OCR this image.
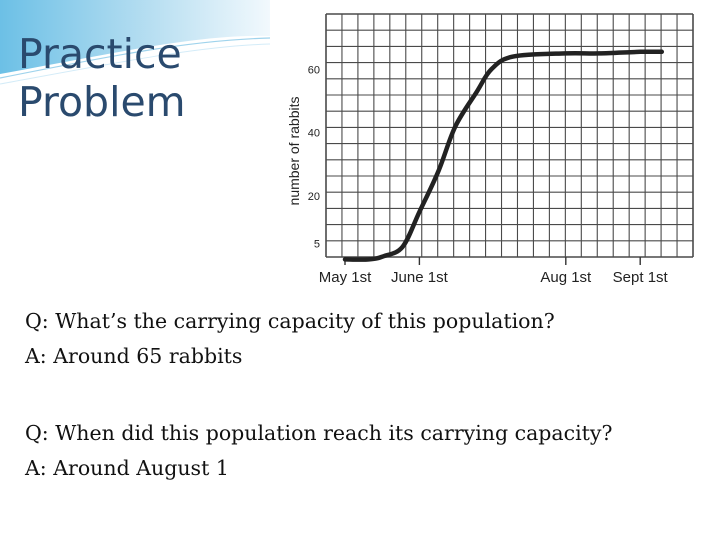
Practice
Problem
May 1st June 1st	Aug 1st Sept 1st
5
20
40
60
number of rabbits

Q: What’s the carrying capacity of this population?
A: Around 65 rabbits

Q: When did this population reach its carrying capacity?
A: Around August 1
